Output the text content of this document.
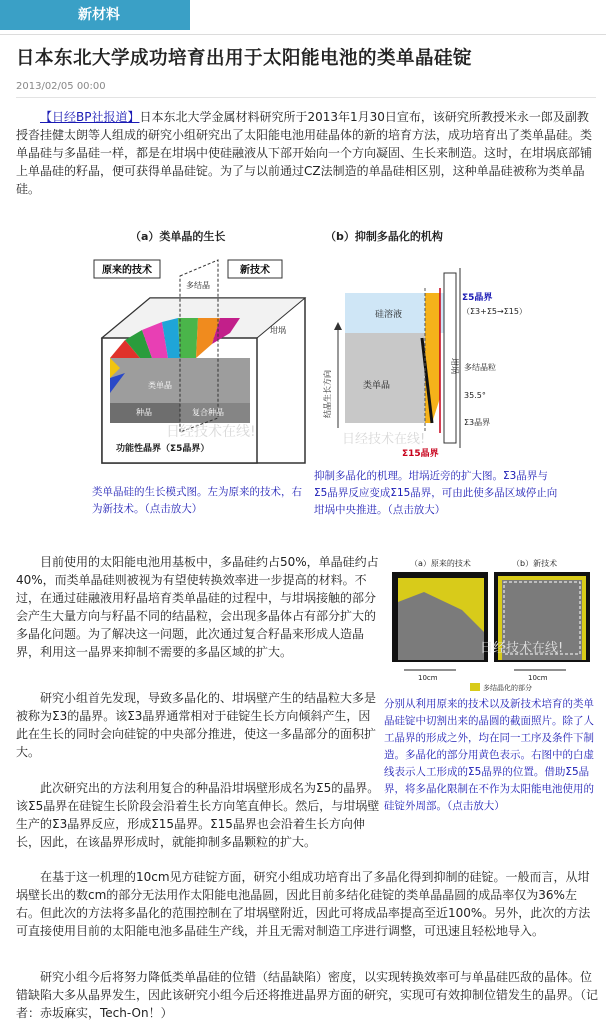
新材料
日本东北大学成功培育出用于太阳能电池的类单晶硅锭
2013/02/05 00:00

【日经BP社报道】日本东北大学金属材料研究所于2013年1月30日宣布，该研究所教授米永一郎及副教授沓挂健太朗等人组成的研究小组研究出了太阳能电池用硅晶体的新的培育方法，成功培育出了类单晶硅。类单晶硅与多晶硅一样，都是在坩埚中使硅融液从下部开始向一个方向凝固、生长来制造。这时，在坩埚底部铺上单晶硅的籽晶，便可获得单晶硅锭。为了与以前通过CZ法制造的单晶硅相区别，这种单晶硅被称为类单晶硅。

（a）类单晶的生长	（b）抑制多晶化的机构
原来的技术	新技术
多结晶
坩埚
类单晶
种晶	复合种晶
功能性晶界（Σ5晶界）
日经技术在线!
硅溶液
类单晶
Σ5晶界
（Σ3+Σ5→Σ15）
多结晶粒
35.5°
Σ3晶界
Σ15晶界
坩埚
结晶生长方向
日经技术在线!

类单晶硅的生长模式图。左为原来的技术，右为新技术。（点击放大）

抑制多晶化的机理。坩埚近旁的扩大图。Σ3晶界与Σ5晶界反应变成Σ15晶界，可由此使多晶区域停止向坩埚中央推进。（点击放大）

目前使用的太阳能电池用基板中，多晶硅约占50%，单晶硅约占40%，而类单晶硅则被视为有望使转换效率进一步提高的材料。不过，在通过硅融液用籽晶培育类单晶硅的过程中，与坩埚接触的部分会产生大量方向与籽晶不同的结晶粒，会出现多晶体占有部分扩大的多晶化问题。为了解决这一问题，此次通过复合籽晶来形成人造晶界，利用这一晶界来抑制不需要的多晶区域的扩大。

（a）原来的技术	（b）新技术
10cm	10cm
多结晶化的部分
日经技术在线!

分别从利用原来的技术以及新技术培育的类单晶硅锭中切割出来的晶圆的截面照片。除了人工晶界的形成之外，均在同一工序及条件下制造。多晶化的部分用黄色表示。右图中的白虚线表示人工形成的Σ5晶界的位置。借助Σ5晶界，将多晶化限制在不作为太阳能电池使用的硅锭外周部。（点击放大）

研究小组首先发现，导致多晶化的、坩埚壁产生的结晶粒大多是被称为Σ3的晶界。该Σ3晶界通常相对于硅锭生长方向倾斜产生，因此在生长的同时会向硅锭的中央部分推进，使这一多晶部分的面积扩大。

此次研究出的方法利用复合的种晶沿坩埚壁形成名为Σ5的晶界。该Σ5晶界在硅锭生长阶段会沿着生长方向笔直伸长。然后，与坩埚壁生产的Σ3晶界反应，形成Σ15晶界。Σ15晶界也会沿着生长方向伸长，因此，在该晶界形成时，就能抑制多晶颗粒的扩大。

在基于这一机理的10cm见方硅锭方面，研究小组成功培育出了多晶化得到抑制的硅锭。一般而言，从坩埚壁长出的数cm的部分无法用作太阳能电池晶圆，因此目前多结化硅锭的类单晶晶圆的成品率仅为36%左右。但此次的方法将多晶化的范围控制在了坩埚壁附近，因此可将成品率提高至近100%。另外，此次的方法可直接使用目前的太阳能电池多晶硅生产线，并且无需对制造工序进行调整，可迅速且轻松地导入。

研究小组今后将努力降低类单晶硅的位错（结晶缺陷）密度，以实现转换效率可与单晶硅匹敌的晶体。位错缺陷大多从晶界发生，因此该研究小组今后还将推进晶界方面的研究，实现可有效抑制位错发生的晶界。（记者：赤坂麻实，Tech-On！）
